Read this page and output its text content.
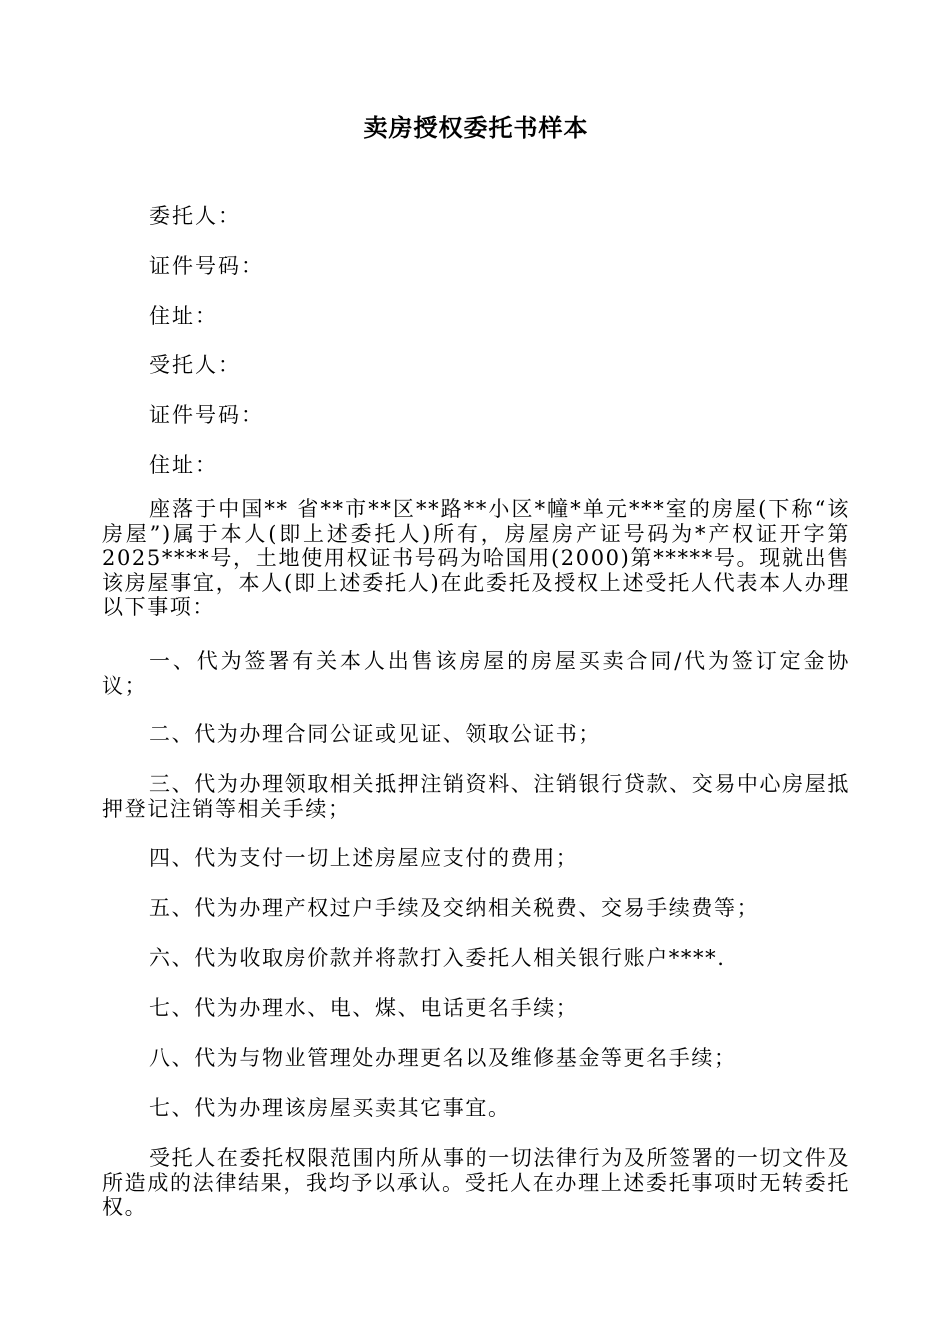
卖房授权委托书样本
委托人：
证件号码：
住址：
受托人：
证件号码：
住址：
座落于中国** 省**市**区**路**小区*幢*单元***室的房屋(下称“该房屋”)属于本人(即上述委托人)所有，房屋房产证号码为*产权证开字第2025****号，土地使用权证书号码为哈国用(2000)第*****号。现就出售该房屋事宜，本人(即上述委托人)在此委托及授权上述受托人代表本人办理以下事项：
一、代为签署有关本人出售该房屋的房屋买卖合同/代为签订定金协议；
二、代为办理合同公证或见证、领取公证书；
三、代为办理领取相关抵押注销资料、注销银行贷款、交易中心房屋抵押登记注销等相关手续；
四、代为支付一切上述房屋应支付的费用；
五、代为办理产权过户手续及交纳相关税费、交易手续费等；
六、代为收取房价款并将款打入委托人相关银行账户****.
七、代为办理水、电、煤、电话更名手续；
八、代为与物业管理处办理更名以及维修基金等更名手续；
七、代为办理该房屋买卖其它事宜。
受托人在委托权限范围内所从事的一切法律行为及所签署的一切文件及所造成的法律结果，我均予以承认。受托人在办理上述委托事项时无转委托权。
